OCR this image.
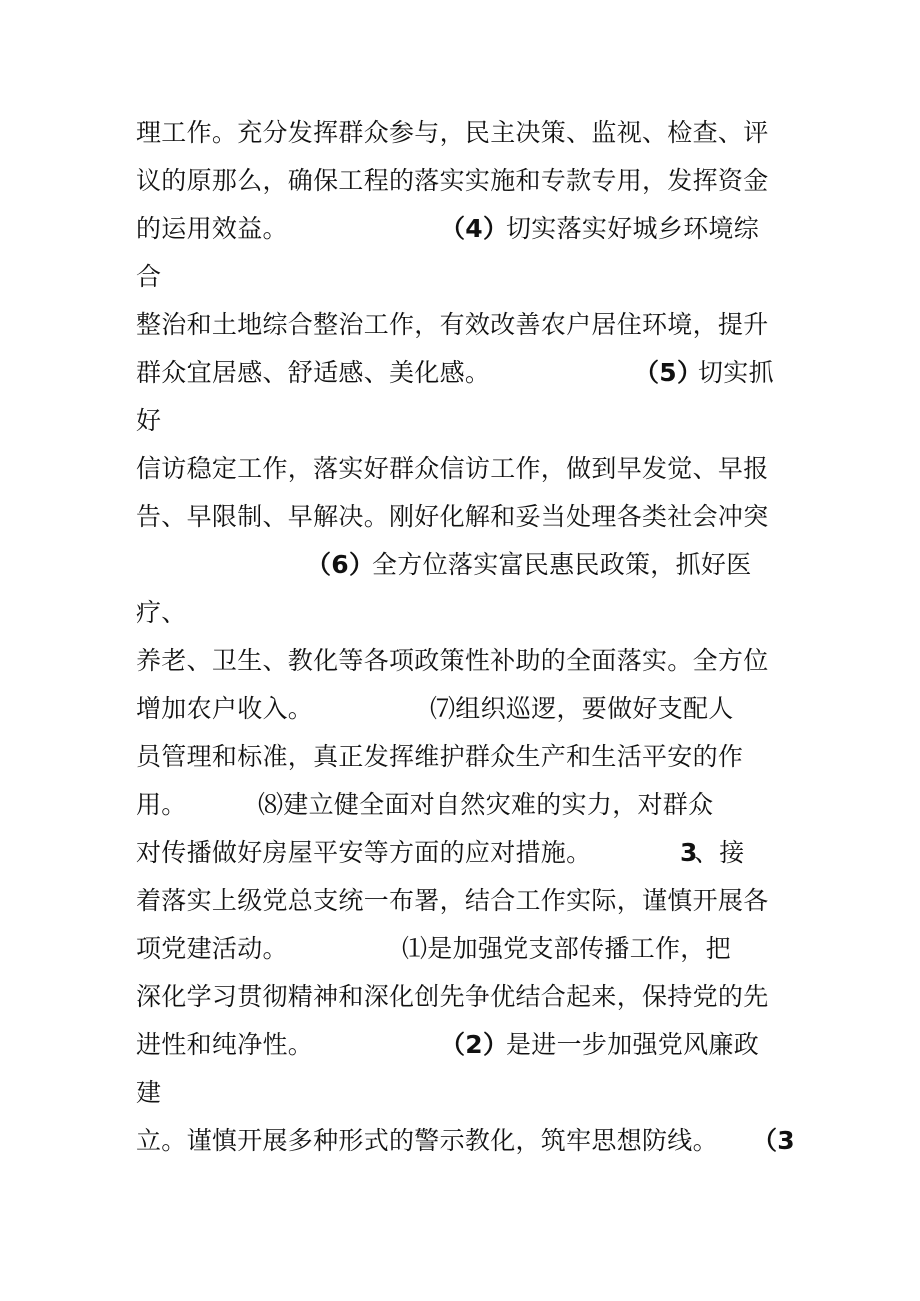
理工作。充分发挥群众参与，民主决策、监视、检查、评
议的原那么，确保工程的落实实施和专款专用，发挥资金
的运用效益。	（4）
切实落实好城乡环境综
合
整治和土地综合整治工作，有效改善农户居住环境，提升
群众宜居感、舒适感、美化感。	（5）
切实抓
好
信访稳定工作，落实好群众信访工作，做到早发觉、早报
告、早限制、早解决。刚好化解和妥当处理各类社会冲突
（6）
全方位落实富民惠民政策，抓好医
疗、
养老、卫生、教化等各项政策性补助的全面落实。全方位
增加农户收入。	⑺组织巡逻，要做好支配人
员管理和标准，真正发挥维护群众生产和生活平安的作
用。	⑻建立健全面对自然灾难的实力，对群众
对传播做好房屋平安等方面的应对措施。	3
、接
着落实上级党总支统一布署，结合工作实际，谨慎开展各
项党建活动。	⑴是加强党支部传播工作，把
深化学习贯彻精神和深化创先争优结合起来，保持党的先
进性和纯净性。	（2）
是进一步加强党风廉政
建
立。谨慎开展多种形式的警示教化，筑牢思想防线。 （3
